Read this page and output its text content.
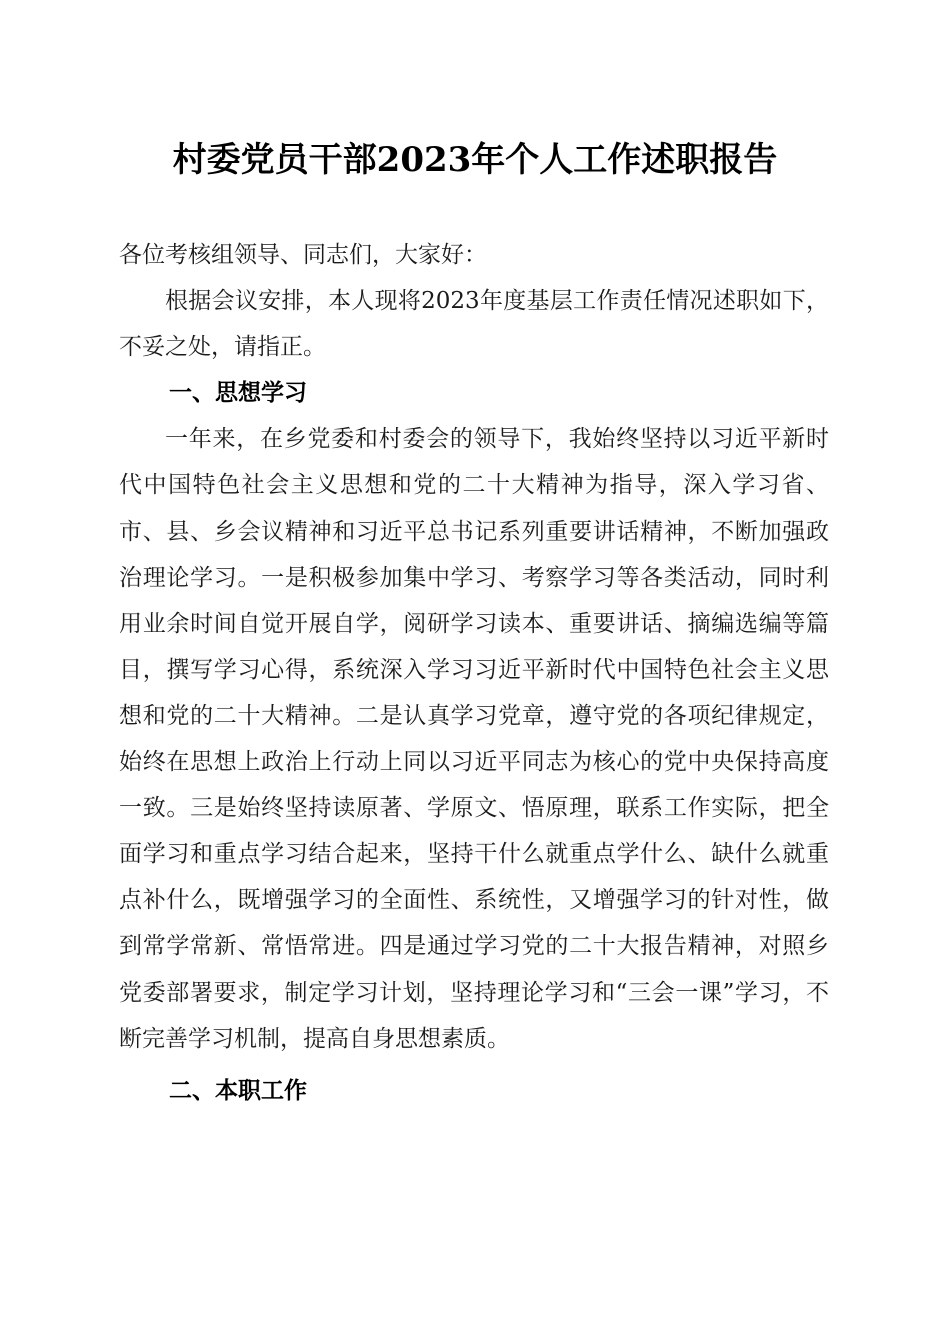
村委党员干部2023年个人工作述职报告

各位考核组领导、同志们，大家好：

根据会议安排，本人现将2023年度基层工作责任情况述职如下，不妥之处，请指正。

一、思想学习

一年来，在乡党委和村委会的领导下，我始终坚持以习近平新时代中国特色社会主义思想和党的二十大精神为指导，深入学习省、市、县、乡会议精神和习近平总书记系列重要讲话精神，不断加强政治理论学习。一是积极参加集中学习、考察学习等各类活动，同时利用业余时间自觉开展自学，阅研学习读本、重要讲话、摘编选编等篇目，撰写学习心得，系统深入学习习近平新时代中国特色社会主义思想和党的二十大精神。二是认真学习党章，遵守党的各项纪律规定，始终在思想上政治上行动上同以习近平同志为核心的党中央保持高度一致。三是始终坚持读原著、学原文、悟原理，联系工作实际，把全面学习和重点学习结合起来，坚持干什么就重点学什么、缺什么就重点补什么，既增强学习的全面性、系统性，又增强学习的针对性，做到常学常新、常悟常进。四是通过学习党的二十大报告精神，对照乡党委部署要求，制定学习计划，坚持理论学习和“三会一课”学习，不断完善学习机制，提高自身思想素质。

二、本职工作
